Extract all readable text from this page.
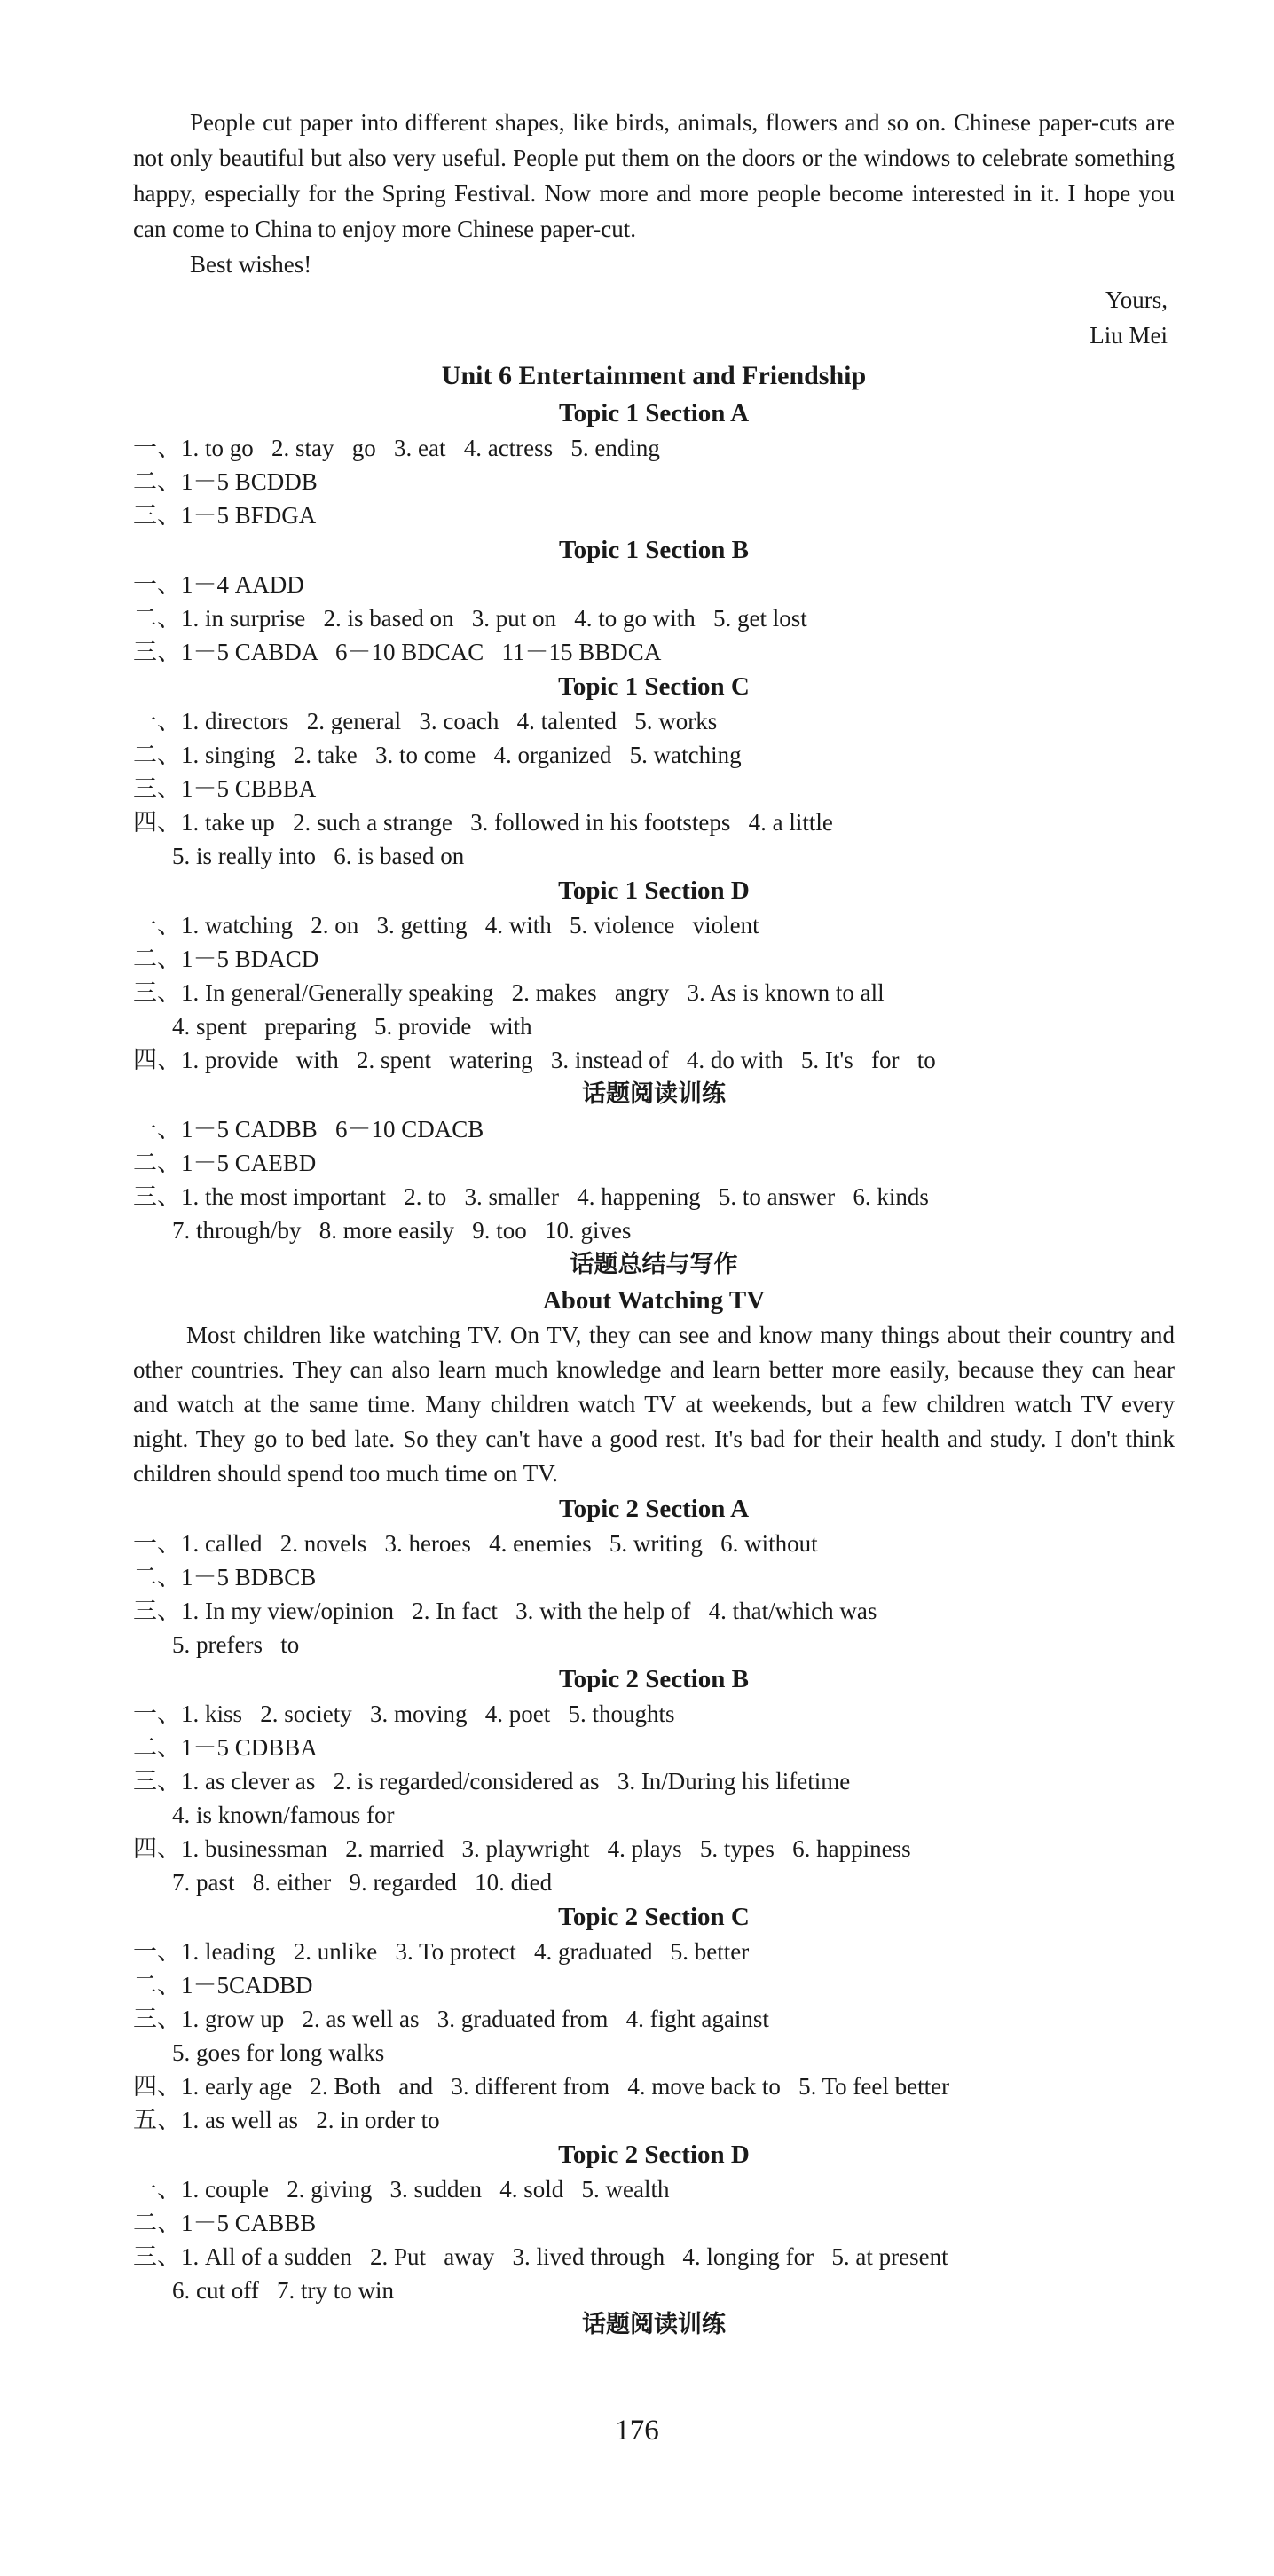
People cut paper into different shapes, like birds, animals, flowers and so on. Chinese paper-cuts are not only beautiful but also very useful. People put them on the doors or the windows to celebrate something happy, especially for the Spring Festival. Now more and more people become interested in it. I hope you can come to China to enjoy more Chinese paper-cut.

Best wishes!

Yours,

Liu Mei

Unit 6 Entertainment and Friendship

Topic 1 Section A

一、1. to go   2. stay   go   3. eat   4. actress   5. ending

二、1－5 BCDDB

三、1－5 BFDGA

Topic 1 Section B

一、1－4 AADD

二、1. in surprise   2. is based on   3. put on   4. to go with   5. get lost

三、1－5 CABDA   6－10 BDCAC   11－15 BBDCA

Topic 1 Section C

一、1. directors   2. general   3. coach   4. talented   5. works

二、1. singing   2. take   3. to come   4. organized   5. watching

三、1－5 CBBBA

四、1. take up   2. such a strange   3. followed in his footsteps   4. a little

5. is really into   6. is based on

Topic 1 Section D

一、1. watching   2. on   3. getting   4. with   5. violence   violent

二、1－5 BDACD

三、1. In general/Generally speaking   2. makes   angry   3. As is known to all

4. spent   preparing   5. provide   with

四、1. provide   with   2. spent   watering   3. instead of   4. do with   5. It's   for   to

话题阅读训练

一、1－5 CADBB   6－10 CDACB

二、1－5 CAEBD

三、1. the most important   2. to   3. smaller   4. happening   5. to answer   6. kinds

7. through/by   8. more easily   9. too   10. gives

话题总结与写作

About Watching TV

Most children like watching TV. On TV, they can see and know many things about their country and other countries. They can also learn much knowledge and learn better more easily, because they can hear and watch at the same time. Many children watch TV at weekends, but a few children watch TV every night. They go to bed late. So they can't have a good rest. It's bad for their health and study. I don't think children should spend too much time on TV.

Topic 2 Section A

一、1. called   2. novels   3. heroes   4. enemies   5. writing   6. without

二、1－5 BDBCB

三、1. In my view/opinion   2. In fact   3. with the help of   4. that/which was

5. prefers   to

Topic 2 Section B

一、1. kiss   2. society   3. moving   4. poet   5. thoughts

二、1－5 CDBBA

三、1. as clever as   2. is regarded/considered as   3. In/During his lifetime

4. is known/famous for

四、1. businessman   2. married   3. playwright   4. plays   5. types   6. happiness

7. past   8. either   9. regarded   10. died

Topic 2 Section C

一、1. leading   2. unlike   3. To protect   4. graduated   5. better

二、1－5CADBD

三、1. grow up   2. as well as   3. graduated from   4. fight against

5. goes for long walks

四、1. early age   2. Both   and   3. different from   4. move back to   5. To feel better

五、1. as well as   2. in order to

Topic 2 Section D

一、1. couple   2. giving   3. sudden   4. sold   5. wealth

二、1－5 CABBB

三、1. All of a sudden   2. Put   away   3. lived through   4. longing for   5. at present

6. cut off   7. try to win

话题阅读训练

176
